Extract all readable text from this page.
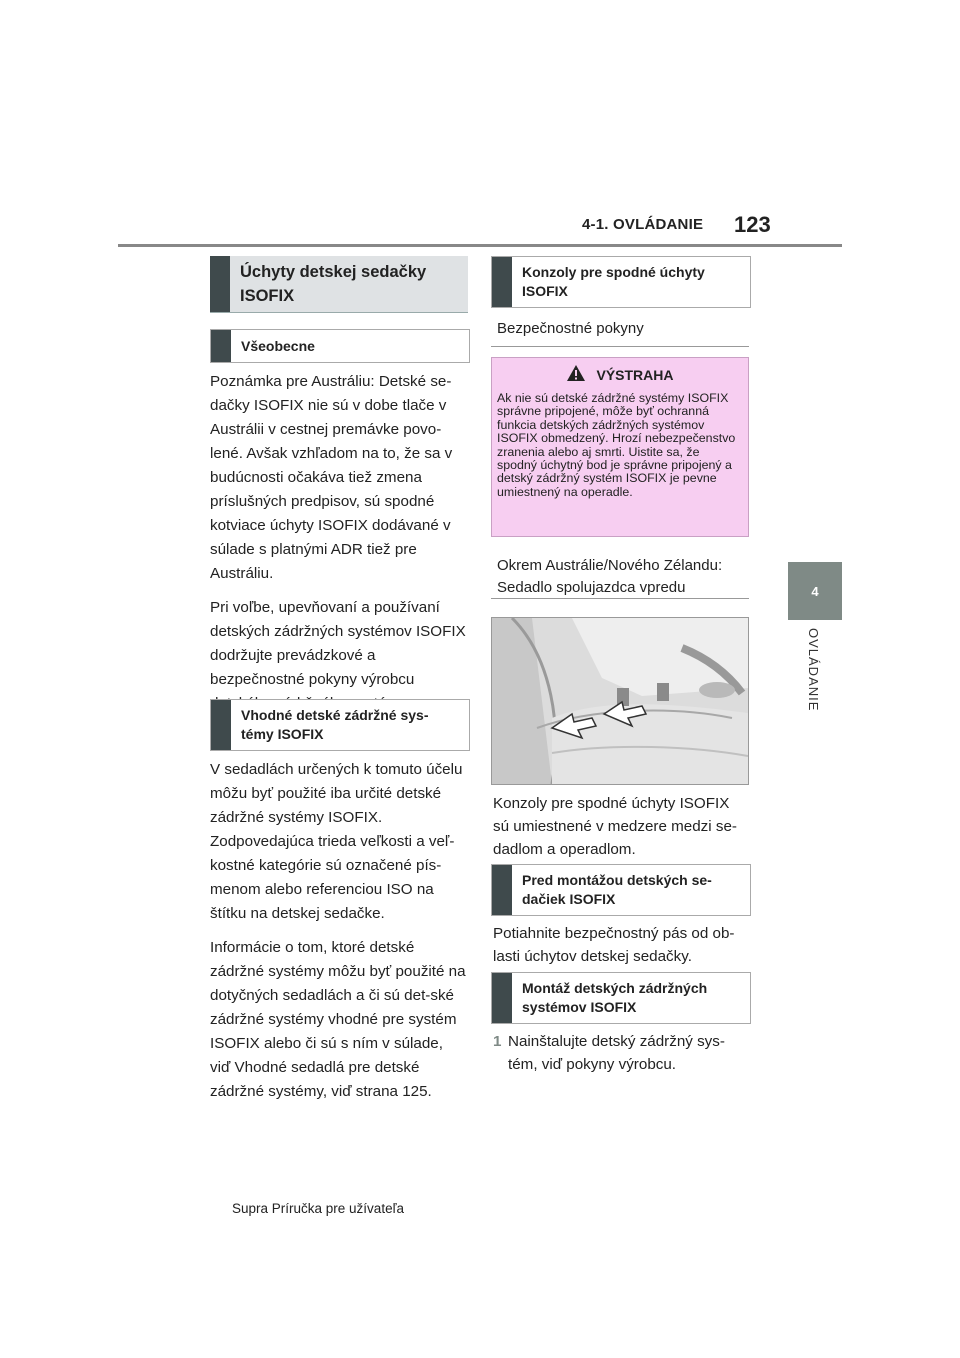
4-1. OVLÁDANIE 123
4
OVLÁDANIE
Úchyty detskej sedačky ISOFIX
Všeobecne

Poznámka pre Austráliu: Detské se-dačky ISOFIX nie sú v dobe tlače v Austrálii v cestnej premávke povo-lené. Avšak vzhľadom na to, že sa v budúcnosti očakáva tiež zmena príslušných predpisov, sú spodné kotviace úchyty ISOFIX dodávané v súlade s platnými ADR tiež pre Austráliu.

Pri voľbe, upevňovaní a používaní detských zádržných systémov ISOFIX dodržujte prevádzkové a bezpečnostné pokyny výrobcu

Vhodné detské zádržné sys-témy ISOFIX

V sedadlách určených k tomuto účelu môžu byť použité iba určité detské zádržné systémy ISOFIX. Zodpovedajúca trieda veľkosti a veľ-kostné kategórie sú označené pís-menom alebo referenciou ISO na štítku na detskej sedačke.

Informácie o tom, ktoré detské zádržné systémy môžu byť použité na dotyčných sedadlách a či sú det-ské zádržné systémy vhodné pre systém ISOFIX alebo či sú s ním v súlade, viď Vhodné sedadlá pre detské zádržné systémy, viď strana 125.

Konzoly pre spodné úchyty ISOFIX
Bezpečnostné pokyny
VÝSTRAHA
Ak nie sú detské zádržné systémy ISOFIX správne pripojené, môže byť ochranná funkcia detských zádržných systémov ISOFIX obmedzený. Hrozí nebezpečenstvo zranenia alebo aj smrti. Uistite sa, že spodný úchytný bod je správne pripojený a detský zádržný systém ISOFIX je pevne umiestnený na operadle.
Okrem Austrálie/Nového Zélandu: Sedadlo spolujazdca vpredu
Konzoly pre spodné úchyty ISOFIX sú umiestnené v medzere medzi se-dadlom a operadlom.
Pred montážou detských se-dačiek ISOFIX
Potiahnite bezpečnostný pás od ob-lasti úchytov detskej sedačky.
Montáž detských zádržných systémov ISOFIX
1 Nainštalujte detský zádržný sys-tém, viď pokyny výrobcu.
Supra Príručka pre užívateľa
